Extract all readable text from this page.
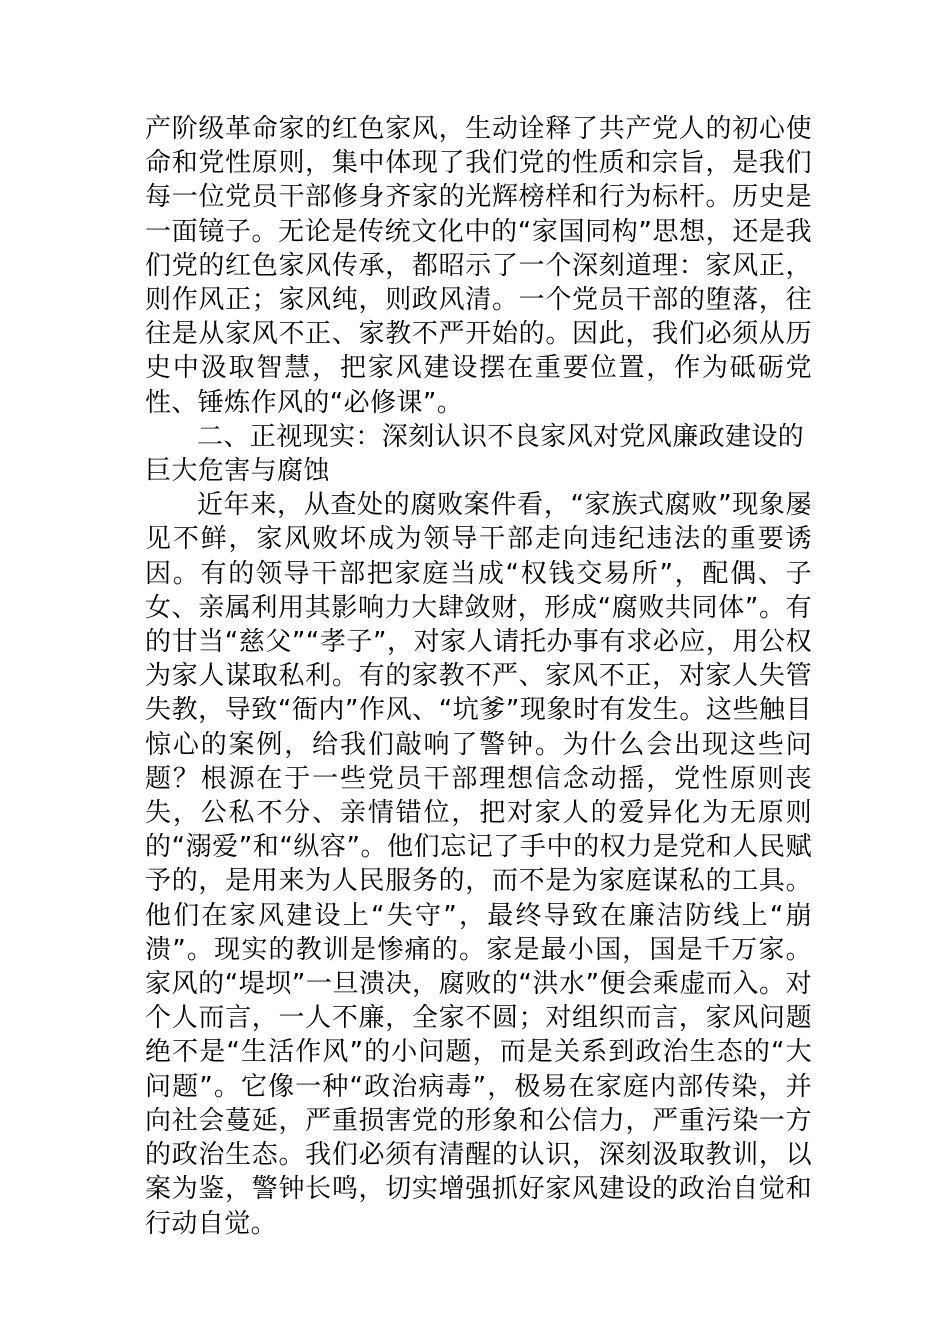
产阶级革命家的红色家风，生动诠释了共产党人的初心使命和党性原则，集中体现了我们党的性质和宗旨，是我们每一位党员干部修身齐家的光辉榜样和行为标杆。历史是一面镜子。无论是传统文化中的“家国同构”思想，还是我们党的红色家风传承，都昭示了一个深刻道理：家风正，则作风正；家风纯，则政风清。一个党员干部的堕落，往往是从家风不正、家教不严开始的。因此，我们必须从历史中汲取智慧，把家风建设摆在重要位置，作为砥砺党性、锤炼作风的“必修课”。

二、正视现实：深刻认识不良家风对党风廉政建设的巨大危害与腐蚀

近年来，从查处的腐败案件看，“家族式腐败”现象屡见不鲜，家风败坏成为领导干部走向违纪违法的重要诱因。有的领导干部把家庭当成“权钱交易所”，配偶、子女、亲属利用其影响力大肆敛财，形成“腐败共同体”。有的甘当“慈父”“孝子”，对家人请托办事有求必应，用公权为家人谋取私利。有的家教不严、家风不正，对家人失管失教，导致“衙内”作风、“坑爹”现象时有发生。这些触目惊心的案例，给我们敲响了警钟。为什么会出现这些问题？根源在于一些党员干部理想信念动摇，党性原则丧失，公私不分、亲情错位，把对家人的爱异化为无原则的“溺爱”和“纵容”。他们忘记了手中的权力是党和人民赋予的，是用来为人民服务的，而不是为家庭谋私的工具。他们在家风建设上“失守”，最终导致在廉洁防线上“崩溃”。现实的教训是惨痛的。家是最小国，国是千万家。家风的“堤坝”一旦溃决，腐败的“洪水”便会乘虚而入。对个人而言，一人不廉，全家不圆；对组织而言，家风问题绝不是“生活作风”的小问题，而是关系到政治生态的“大问题”。它像一种“政治病毒”，极易在家庭内部传染，并向社会蔓延，严重损害党的形象和公信力，严重污染一方的政治生态。我们必须有清醒的认识，深刻汲取教训，以案为鉴，警钟长鸣，切实增强抓好家风建设的政治自觉和行动自觉。
